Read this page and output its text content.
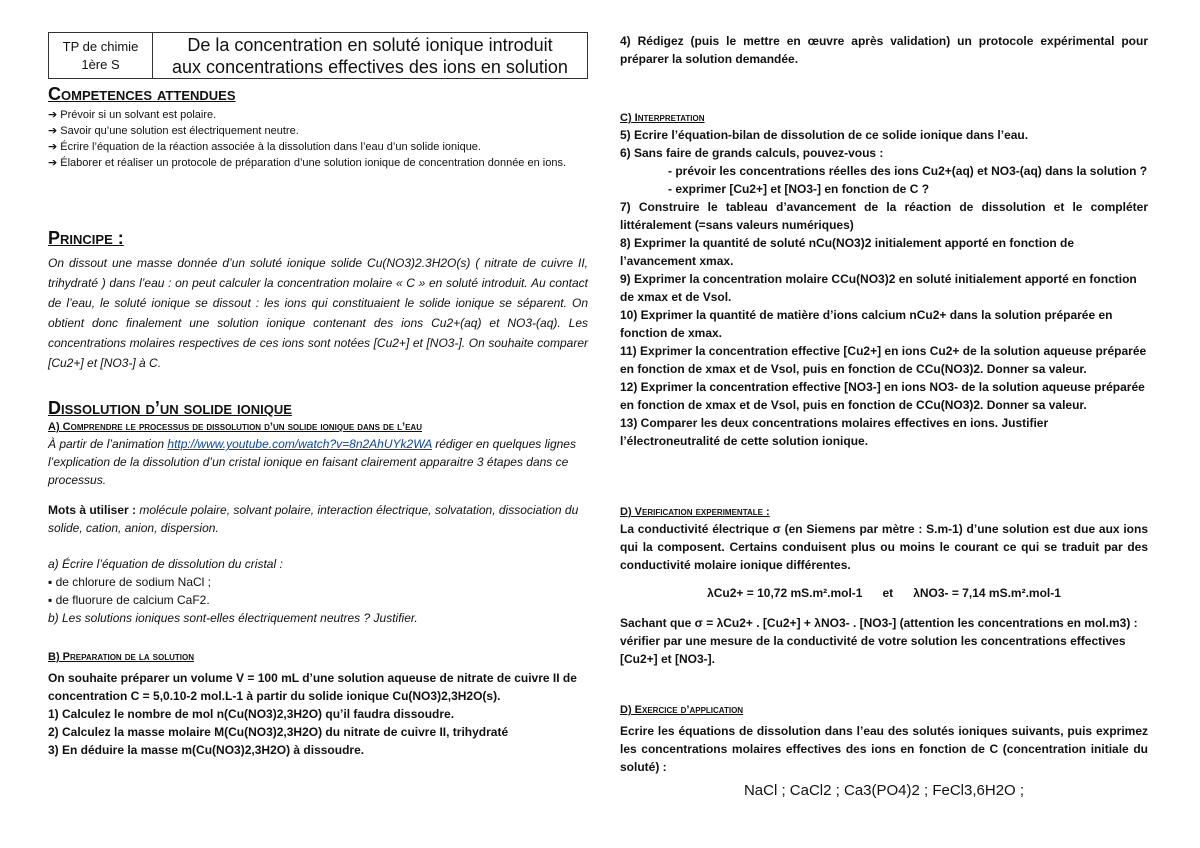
TP de chimie
1ère S
De la concentration en soluté ionique introduit
aux concentrations effectives des ions en solution

Competences attendues

➔ Prévoir si un solvant est polaire.

➔ Savoir qu’une solution est électriquement neutre.

➔ Écrire l’équation de la réaction associée à la dissolution dans l’eau d’un solide ionique.

➔ Élaborer et réaliser un protocole de préparation d’une solution ionique de concentration donnée en ions.

Principe :

On dissout une masse donnée d’un soluté ionique solide Cu(NO3)2.3H2O(s) ( nitrate de cuivre II, trihydraté ) dans l’eau : on peut calculer la concentration molaire « C » en soluté introduit. Au contact de l’eau, le soluté ionique se dissout : les ions qui constituaient le solide ionique se séparent. On obtient donc finalement une solution ionique contenant des ions Cu2+(aq) et NO3-(aq). Les concentrations molaires respectives de ces ions sont notées [Cu2+] et [NO3-]. On souhaite comparer [Cu2+] et [NO3-] à C.

Dissolution d’un solide ionique

A) Comprendre le processus de dissolution d’un solide ionique dans de l’eau

À partir de l’animation http://www.youtube.com/watch?v=8n2AhUYk2WA rédiger en quelques lignes l’explication de la dissolution d’un cristal ionique en faisant clairement apparaitre 3 étapes dans ce processus.

Mots à utiliser : molécule polaire, solvant polaire, interaction électrique, solvatation, dissociation du solide, cation, anion, dispersion.

a) Écrire l’équation de dissolution du cristal :

▪ de chlorure de sodium NaCl ;

▪ de fluorure de calcium CaF2.

b) Les solutions ioniques sont-elles électriquement neutres ? Justifier.

B) Preparation de la solution

On souhaite préparer un volume V = 100 mL d’une solution aqueuse de nitrate de cuivre II de concentration C = 5,0.10-2 mol.L-1 à partir du solide ionique Cu(NO3)2,3H2O(s).

1) Calculez le nombre de mol n(Cu(NO3)2,3H2O) qu’il faudra dissoudre.

2) Calculez la masse molaire M(Cu(NO3)2,3H2O) du nitrate de cuivre II, trihydraté

3) En déduire la masse m(Cu(NO3)2,3H2O) à dissoudre.

4) Rédigez (puis le mettre en œuvre après validation) un protocole expérimental pour préparer la solution demandée.

C) Interpretation

5) Ecrire l’équation-bilan de dissolution de ce solide ionique dans l’eau.

6) Sans faire de grands calculs, pouvez-vous :

- prévoir les concentrations réelles des ions Cu2+(aq) et NO3-(aq) dans la solution ?

- exprimer [Cu2+] et [NO3-] en fonction de C ?

7) Construire le tableau d’avancement de la réaction de dissolution et le compléter littéralement (=sans valeurs numériques)

8) Exprimer la quantité de soluté nCu(NO3)2 initialement apporté en fonction de l’avancement xmax.

9) Exprimer la concentration molaire CCu(NO3)2 en soluté initialement apporté en fonction de xmax et de Vsol.

10) Exprimer la quantité de matière d’ions calcium nCu2+ dans la solution préparée en fonction de xmax.

11) Exprimer la concentration effective [Cu2+] en ions Cu2+ de la solution aqueuse préparée en fonction de xmax et de Vsol, puis en fonction de CCu(NO3)2. Donner sa valeur.

12) Exprimer la concentration effective [NO3-] en ions NO3- de la solution aqueuse préparée en fonction de xmax et de Vsol, puis en fonction de CCu(NO3)2. Donner sa valeur.

13) Comparer les deux concentrations molaires effectives en ions. Justifier l’électroneutralité de cette solution ionique.

D) Verification experimentale :

La conductivité électrique σ (en Siemens par mètre : S.m-1) d’une solution est due aux ions qui la composent. Certains conduisent plus ou moins le courant ce qui se traduit par des conductivité molaire ionique différentes.

λCu2+ = 10,72 mS.m².mol-1 et λNO3- = 7,14 mS.m².mol-1

Sachant que σ = λCu2+ . [Cu2+] + λNO3- . [NO3-] (attention les concentrations en mol.m3) : vérifier par une mesure de la conductivité de votre solution les concentrations effectives [Cu2+] et [NO3-].

D) Exercice d’application

Ecrire les équations de dissolution dans l’eau des solutés ioniques suivants, puis exprimez les concentrations molaires effectives des ions en fonction de C (concentration initiale du soluté) :

NaCl ; CaCl2 ; Ca3(PO4)2 ; FeCl3,6H2O ;
